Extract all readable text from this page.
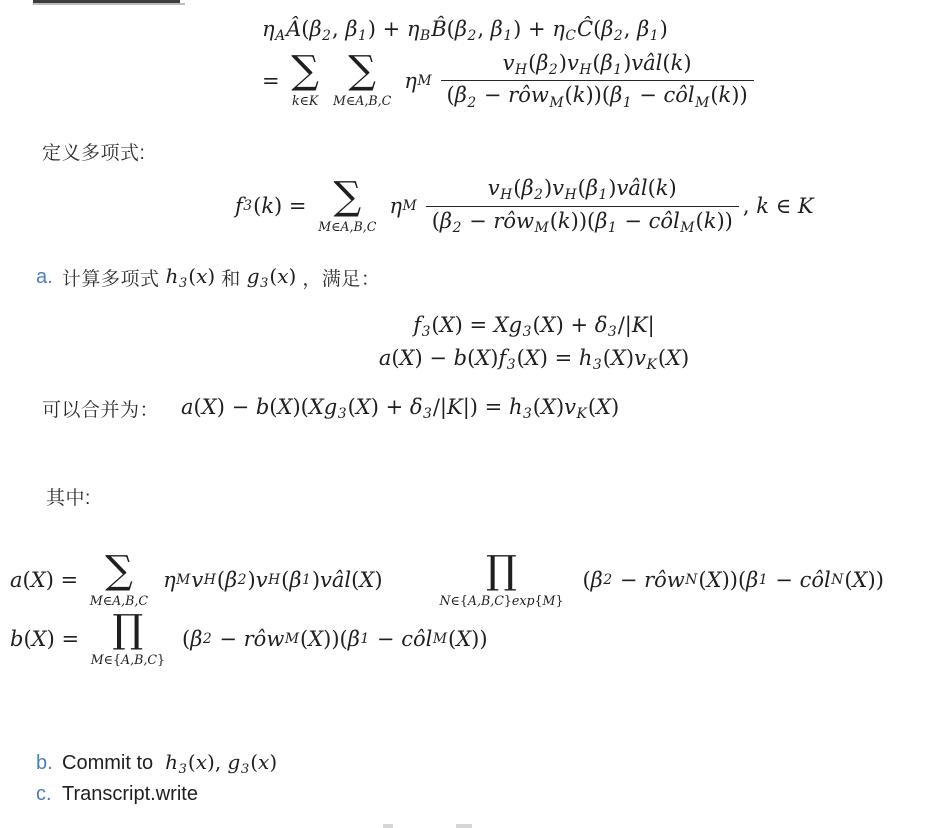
$\eta_AÂ(\beta_2$, $\beta_1$) + $\eta_BB̂(\beta_2$, $\beta_1$) + $\eta_CĈ(\beta_2$, $\beta_1$)
= ∑
k∈K
∑
M∈A,B,C
η M
$v_H(\beta_2)v_H(\beta_1)vâl(k)$
($\beta_2$ − $rôw_M(k))(\beta_1$ − côl$_M$(k))
定义多项式:
f 3 ( k ) = ∑
M∈A,B,C
η M
$v_H(\beta_2)v_H(\beta_1)vâl(k)$
($\beta_2$ − $rôw_M(k))(\beta_1$ − côl$_M$(k))
, k ∈ K
a. 计算多项式 $h_3(x)$ 和 $g_3(x)$ ，满足：
$f_3(X) = Xg_3(X) + \delta_3/|K|$
$a(X) - b(X)f_3(X) = h_3(X)v_K(X)$
可以合并为： $a(X) - b(X)(Xg_3(X) + \delta_3/|K|) = h_3(X)v_K(X)$
其中:
a ( X ) = ∑
M∈A,B,C
η M v H ( β 2 ) v H ( β 1 ) vâl ( X )	∏
N∈{A,B,C}exp{M}
( β 2 − rôw N ( X ))( β 1 − côl N ( X ))
b ( X ) = ∏
M∈{A,B,C}
( β 2 − rôw M ( X ))( β 1 − côl M ( X ))
b. Commit to $h_3(x)$, $g_3(x)$
c. Transcript.write
